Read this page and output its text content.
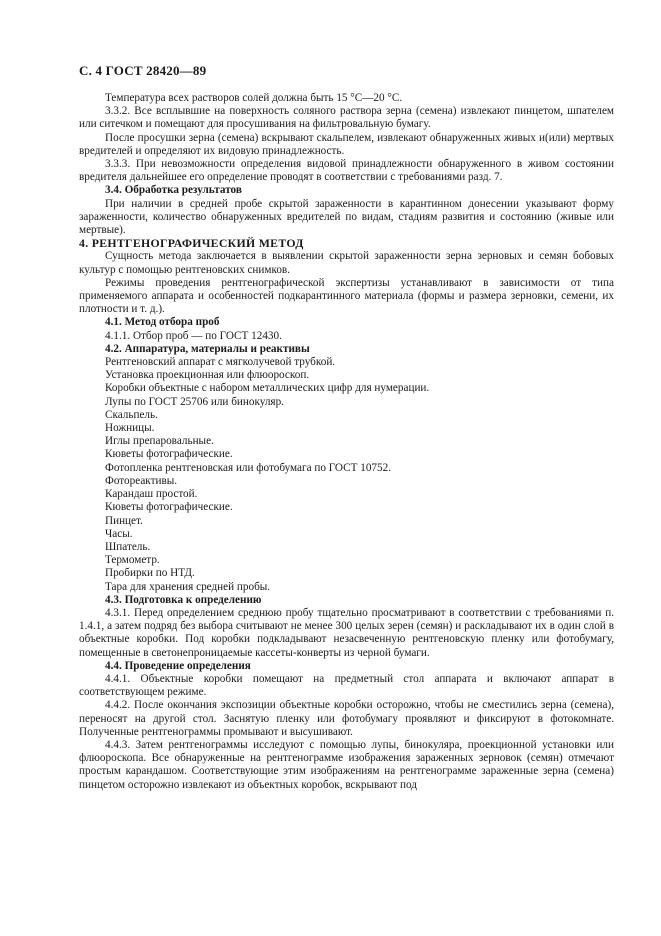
С. 4 ГОСТ 28420—89

Температура всех растворов солей должна быть 15 °С—20 °С.

3.3.2. Все всплывшие на поверхность соляного раствора зерна (семена) извлекают пинцетом, шпателем или ситечком и помещают для просушивания на фильтровальную бумагу.

После просушки зерна (семена) вскрывают скальпелем, извлекают обнаруженных живых и(или) мертвых вредителей и определяют их видовую принадлежность.

3.3.3. При невозможности определения видовой принадлежности обнаруженного в живом состоянии вредителя дальнейшее его определение проводят в соответствии с требованиями разд. 7.

3.4. Обработка результатов

При наличии в средней пробе скрытой зараженности в карантинном донесении указывают форму зараженности, количество обнаруженных вредителей по видам, стадиям развития и состоянию (живые или мертвые).

4. РЕНТГЕНОГРАФИЧЕСКИЙ МЕТОД

Сущность метода заключается в выявлении скрытой зараженности зерна зерновых и семян бобовых культур с помощью рентгеновских снимков.

Режимы проведения рентгенографической экспертизы устанавливают в зависимости от типа применяемого аппарата и особенностей подкарантинного материала (формы и размера зерновки, семени, их плотности и т. д.).

4.1. Метод отбора проб

4.1.1. Отбор проб — по ГОСТ 12430.

4.2. Аппаратура, материалы и реактивы

Рентгеновский аппарат с мягколучевой трубкой.

Установка проекционная или флюороскоп.

Коробки объектные с набором металлических цифр для нумерации.

Лупы по ГОСТ 25706 или бинокуляр.

Скальпель.

Ножницы.

Иглы препаровальные.

Кюветы фотографические.

Фотопленка рентгеновская или фотобумага по ГОСТ 10752.

Фотореактивы.

Карандаш простой.

Кюветы фотографические.

Пинцет.

Часы.

Шпатель.

Термометр.

Пробирки по НТД.

Тара для хранения средней пробы.

4.3. Подготовка к определению

4.3.1. Перед определением среднюю пробу тщательно просматривают в соответствии с требованиями п. 1.4.1, а затем подряд без выбора считывают не менее 300 целых зерен (семян) и раскладывают их в один слой в объектные коробки. Под коробки подкладывают незасвеченную рентгеновскую пленку или фотобумагу, помещенные в светонепроницаемые кассеты-конверты из черной бумаги.

4.4. Проведение определения

4.4.1. Объектные коробки помещают на предметный стол аппарата и включают аппарат в соответствующем режиме.

4.4.2. После окончания экспозиции объектные коробки осторожно, чтобы не сместились зерна (семена), переносят на другой стол. Заснятую пленку или фотобумагу проявляют и фиксируют в фотокомнате. Полученные рентгенограммы промывают и высушивают.

4.4.3. Затем рентгенограммы исследуют с помощью лупы, бинокуляра, проекционной установки или флюороскопа. Все обнаруженные на рентгенограмме изображения зараженных зерновок (семян) отмечают простым карандашом. Соответствующие этим изображениям на рентгенограмме зараженные зерна (семена) пинцетом осторожно извлекают из объектных коробок, вскрывают под
